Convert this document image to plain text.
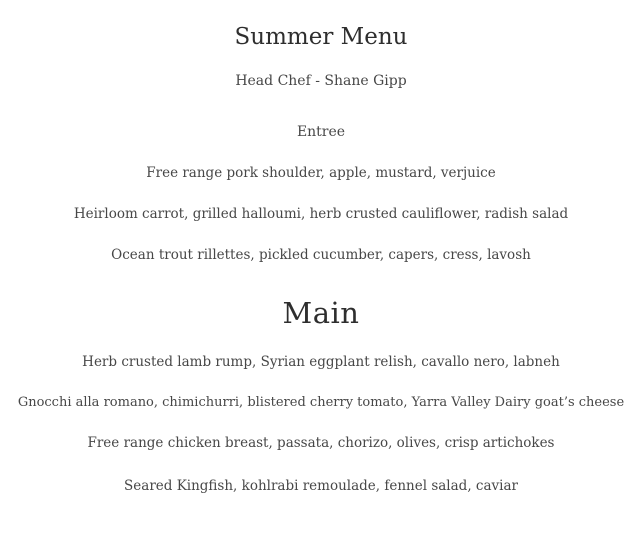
Summer Menu
Head Chef - Shane Gipp
Entree
Free range pork shoulder, apple, mustard, verjuice
Heirloom carrot, grilled halloumi, herb crusted cauliflower, radish salad
Ocean trout rillettes, pickled cucumber, capers, cress, lavosh
Main
Herb crusted lamb rump, Syrian eggplant relish, cavallo nero, labneh
Gnocchi alla romano, chimichurri, blistered cherry tomato, Yarra Valley Dairy goat’s cheese
Free range chicken breast, passata, chorizo, olives, crisp artichokes
Seared Kingfish, kohlrabi remoulade, fennel salad, caviar
